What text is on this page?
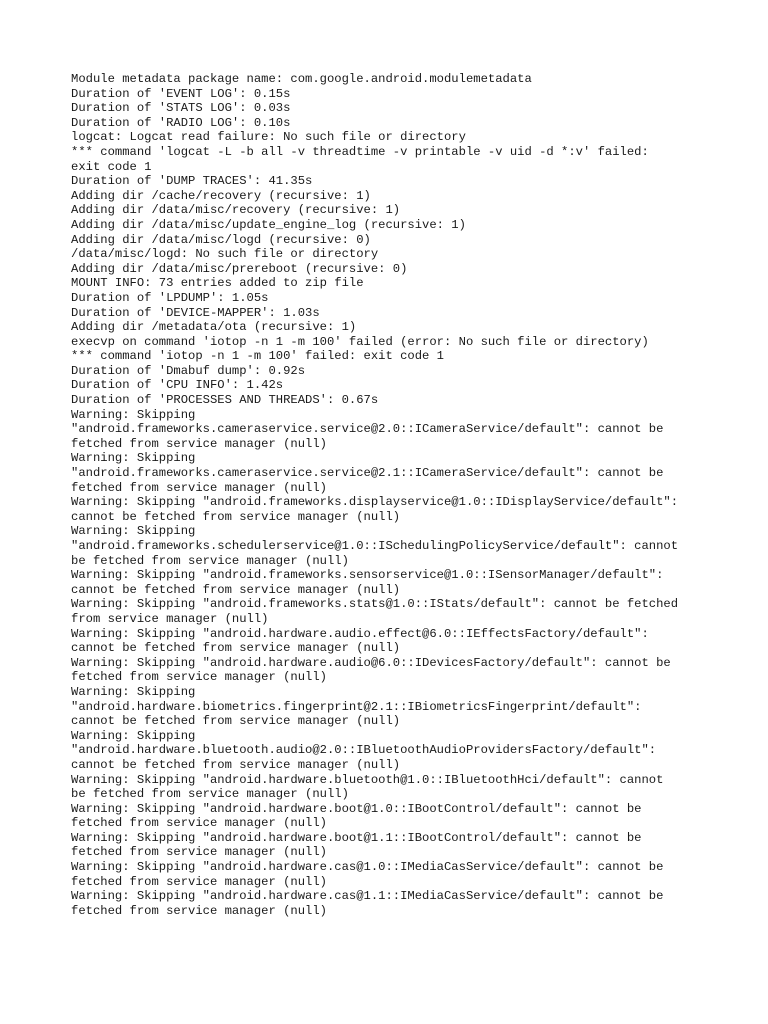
Module metadata package name: com.google.android.modulemetadata
Duration of 'EVENT LOG': 0.15s
Duration of 'STATS LOG': 0.03s
Duration of 'RADIO LOG': 0.10s
logcat: Logcat read failure: No such file or directory
*** command 'logcat -L -b all -v threadtime -v printable -v uid -d *:v' failed:
exit code 1
Duration of 'DUMP TRACES': 41.35s
Adding dir /cache/recovery (recursive: 1)
Adding dir /data/misc/recovery (recursive: 1)
Adding dir /data/misc/update_engine_log (recursive: 1)
Adding dir /data/misc/logd (recursive: 0)
/data/misc/logd: No such file or directory
Adding dir /data/misc/prereboot (recursive: 0)
MOUNT INFO: 73 entries added to zip file
Duration of 'LPDUMP': 1.05s
Duration of 'DEVICE-MAPPER': 1.03s
Adding dir /metadata/ota (recursive: 1)
execvp on command 'iotop -n 1 -m 100' failed (error: No such file or directory)
*** command 'iotop -n 1 -m 100' failed: exit code 1
Duration of 'Dmabuf dump': 0.92s
Duration of 'CPU INFO': 1.42s
Duration of 'PROCESSES AND THREADS': 0.67s
Warning: Skipping
"android.frameworks.cameraservice.service@2.0::ICameraService/default": cannot be
fetched from service manager (null)
Warning: Skipping
"android.frameworks.cameraservice.service@2.1::ICameraService/default": cannot be
fetched from service manager (null)
Warning: Skipping "android.frameworks.displayservice@1.0::IDisplayService/default":
cannot be fetched from service manager (null)
Warning: Skipping
"android.frameworks.schedulerservice@1.0::ISchedulingPolicyService/default": cannot
be fetched from service manager (null)
Warning: Skipping "android.frameworks.sensorservice@1.0::ISensorManager/default":
cannot be fetched from service manager (null)
Warning: Skipping "android.frameworks.stats@1.0::IStats/default": cannot be fetched
from service manager (null)
Warning: Skipping "android.hardware.audio.effect@6.0::IEffectsFactory/default":
cannot be fetched from service manager (null)
Warning: Skipping "android.hardware.audio@6.0::IDevicesFactory/default": cannot be
fetched from service manager (null)
Warning: Skipping
"android.hardware.biometrics.fingerprint@2.1::IBiometricsFingerprint/default":
cannot be fetched from service manager (null)
Warning: Skipping
"android.hardware.bluetooth.audio@2.0::IBluetoothAudioProvidersFactory/default":
cannot be fetched from service manager (null)
Warning: Skipping "android.hardware.bluetooth@1.0::IBluetoothHci/default": cannot
be fetched from service manager (null)
Warning: Skipping "android.hardware.boot@1.0::IBootControl/default": cannot be
fetched from service manager (null)
Warning: Skipping "android.hardware.boot@1.1::IBootControl/default": cannot be
fetched from service manager (null)
Warning: Skipping "android.hardware.cas@1.0::IMediaCasService/default": cannot be
fetched from service manager (null)
Warning: Skipping "android.hardware.cas@1.1::IMediaCasService/default": cannot be
fetched from service manager (null)
